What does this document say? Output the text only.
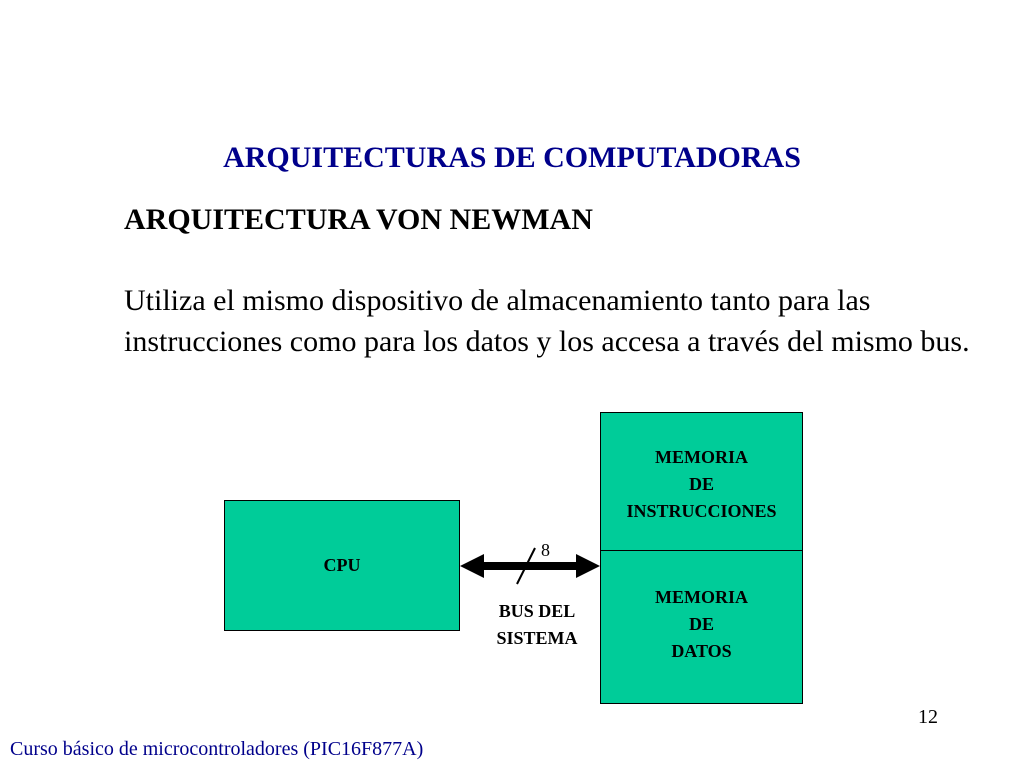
ARQUITECTURAS DE COMPUTADORAS
ARQUITECTURA VON NEWMAN

Utiliza el mismo dispositivo de almacenamiento tanto para las instrucciones como para los datos y los accesa a través del mismo bus.

CPU
MEMORIA
DE
INSTRUCCIONES
MEMORIA
DE
DATOS
8
BUS DEL
SISTEMA
12
Curso básico de microcontroladores (PIC16F877A)
